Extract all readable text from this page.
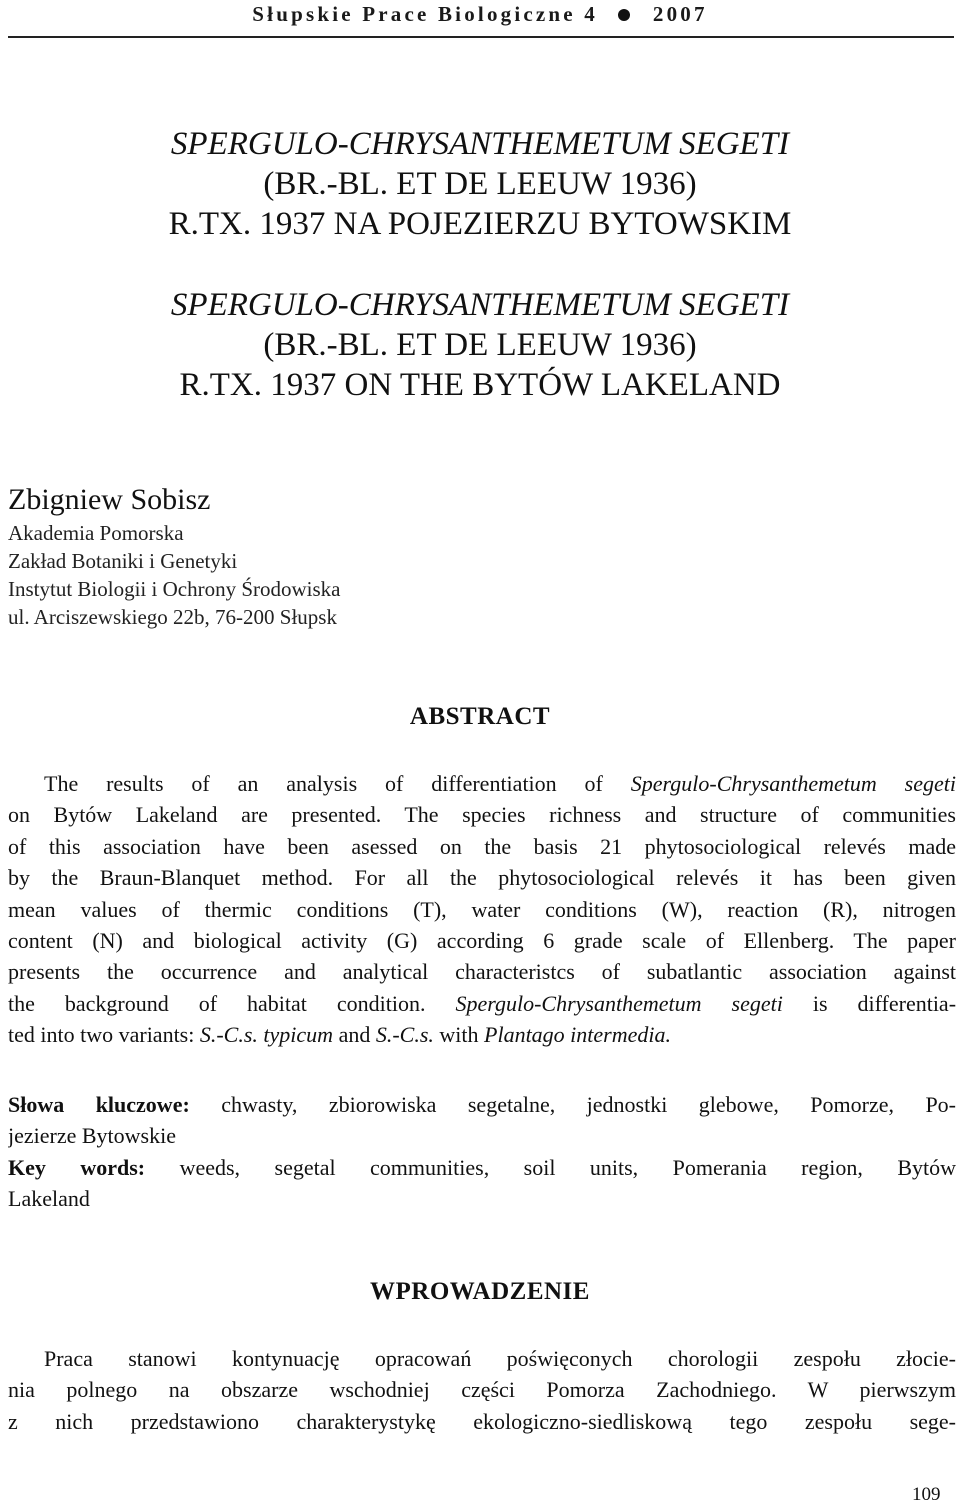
Słupskie Prace Biologiczne 4	2007
SPERGULO-CHRYSANTHEMETUM SEGETI
(BR.-BL. ET DE LEEUW 1936)
R.TX. 1937 NA POJEZIERZU BYTOWSKIM
SPERGULO-CHRYSANTHEMETUM SEGETI
(BR.-BL. ET DE LEEUW 1936)
R.TX. 1937 ON THE BYTÓW LAKELAND
Zbigniew Sobisz
Akademia Pomorska
Zakład Botaniki i Genetyki
Instytut Biologii i Ochrony Środowiska
ul. Arciszewskiego 22b, 76-200 Słupsk
ABSTRACT
The results of an analysis of differentiation of Spergulo-Chrysanthemetum segeti
on Bytów Lakeland are presented. The species richness and structure of communities
of this association have been asessed on the basis 21 phytosociological relevés made
by the Braun-Blanquet method. For all the phytosociological relevés it has been given
mean values of thermic conditions (T), water conditions (W), reaction (R), nitrogen
content (N) and biological activity (G) according 6 grade scale of Ellenberg. The paper
presents the occurrence and analytical characteristcs of subatlantic association against
the background of habitat condition. Spergulo-Chrysanthemetum segeti is differentia-
ted into two variants: S.-C.s. typicum and S.-C.s. with Plantago intermedia.
Słowa kluczowe: chwasty, zbiorowiska segetalne, jednostki glebowe, Pomorze, Po-
jezierze Bytowskie
Key words: weeds, segetal communities, soil units, Pomerania region, Bytów
Lakeland
WPROWADZENIE
Praca stanowi kontynuację opracowań poświęconych chorologii zespołu złocie-
nia polnego na obszarze wschodniej części Pomorza Zachodniego. W pierwszym
z nich przedstawiono charakterystykę ekologiczno-siedliskową tego zespołu sege-
109
